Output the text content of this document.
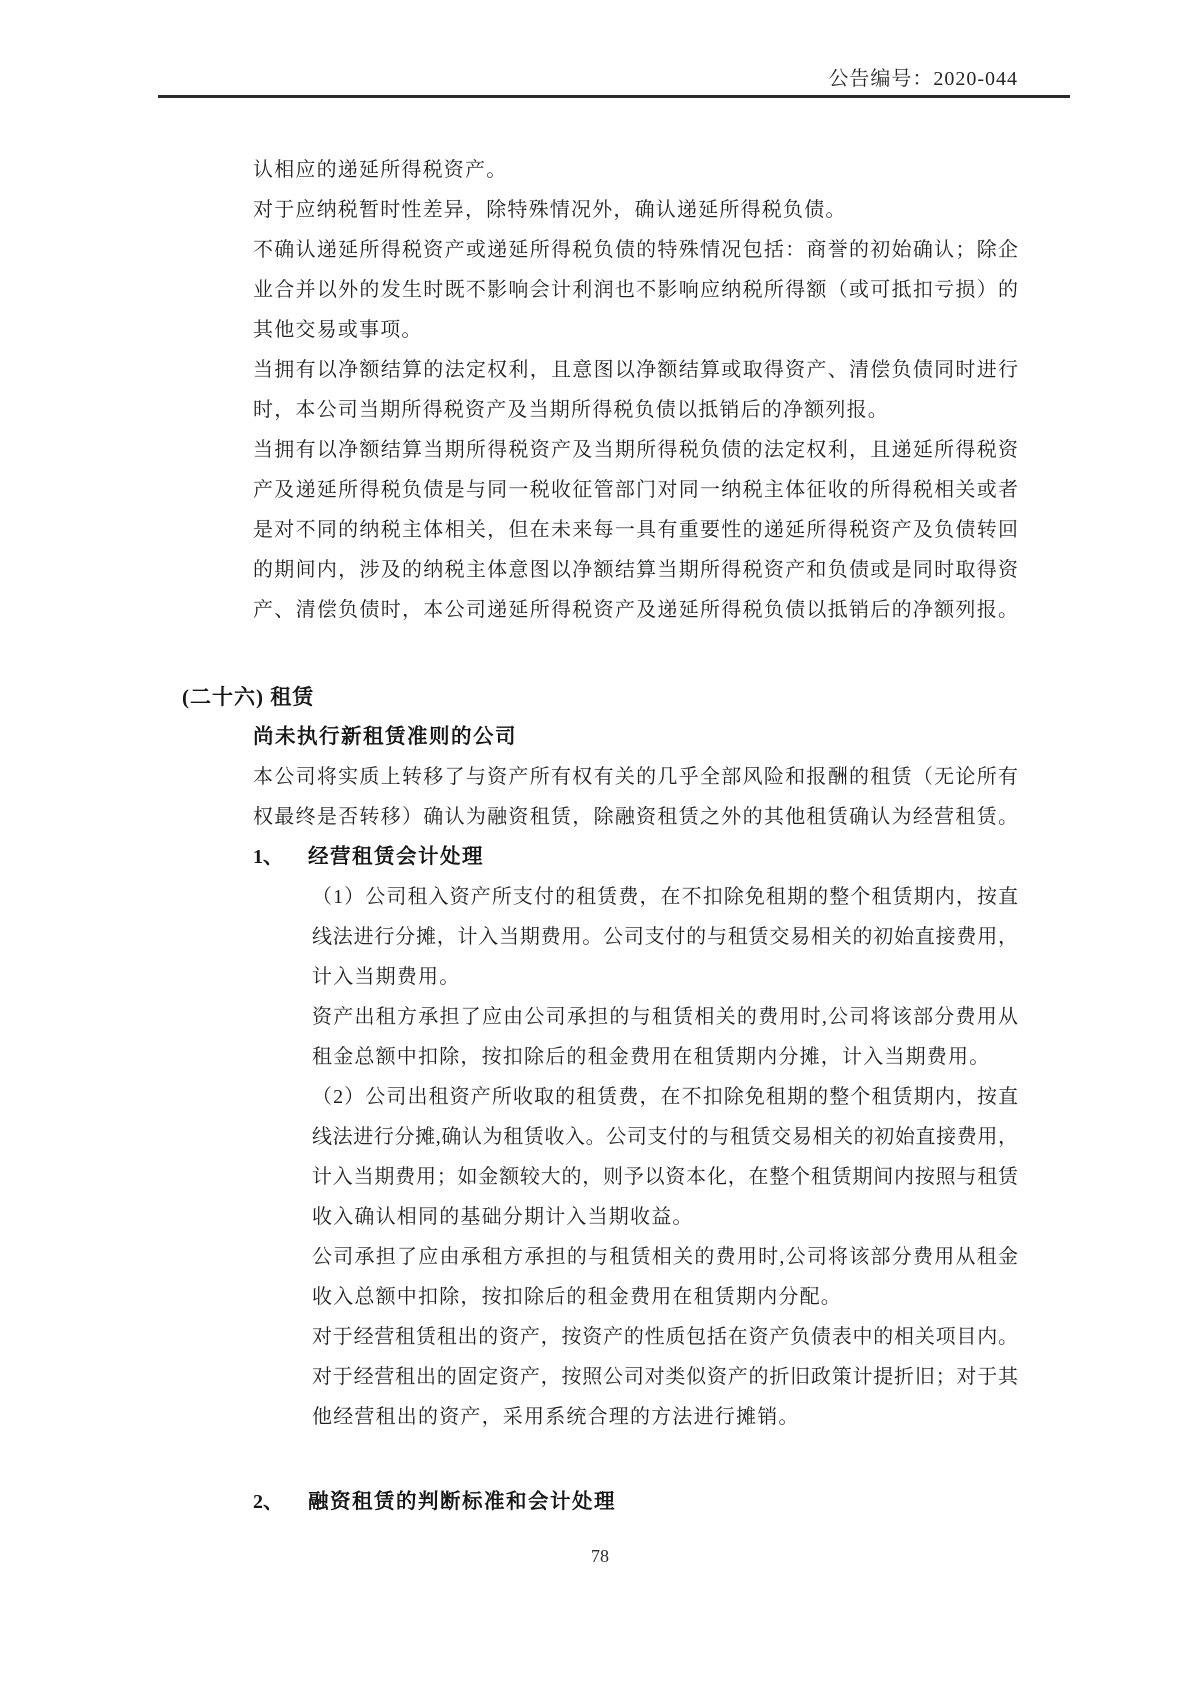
公告编号：2020-044
认相应的递延所得税资产。
对于应纳税暂时性差异，除特殊情况外，确认递延所得税负债。
不确认递延所得税资产或递延所得税负债的特殊情况包括：商誉的初始确认；除企
业合并以外的发生时既不影响会计利润也不影响应纳税所得额（或可抵扣亏损）的
其他交易或事项。
当拥有以净额结算的法定权利，且意图以净额结算或取得资产、清偿负债同时进行
时，本公司当期所得税资产及当期所得税负债以抵销后的净额列报。
当拥有以净额结算当期所得税资产及当期所得税负债的法定权利，且递延所得税资
产及递延所得税负债是与同一税收征管部门对同一纳税主体征收的所得税相关或者
是对不同的纳税主体相关，但在未来每一具有重要性的递延所得税资产及负债转回
的期间内，涉及的纳税主体意图以净额结算当期所得税资产和负债或是同时取得资
产、清偿负债时，本公司递延所得税资产及递延所得税负债以抵销后的净额列报。
(二十六) 租赁
尚未执行新租赁准则的公司
本公司将实质上转移了与资产所有权有关的几乎全部风险和报酬的租赁（无论所有
权最终是否转移）确认为融资租赁，除融资租赁之外的其他租赁确认为经营租赁。
1、 经营租赁会计处理
（1）公司租入资产所支付的租赁费，在不扣除免租期的整个租赁期内，按直
线法进行分摊，计入当期费用。公司支付的与租赁交易相关的初始直接费用，
计入当期费用。
资产出租方承担了应由公司承担的与租赁相关的费用时,公司将该部分费用从
租金总额中扣除，按扣除后的租金费用在租赁期内分摊，计入当期费用。
（2）公司出租资产所收取的租赁费，在不扣除免租期的整个租赁期内，按直
线法进行分摊,确认为租赁收入。公司支付的与租赁交易相关的初始直接费用，
计入当期费用；如金额较大的，则予以资本化，在整个租赁期间内按照与租赁
收入确认相同的基础分期计入当期收益。
公司承担了应由承租方承担的与租赁相关的费用时,公司将该部分费用从租金
收入总额中扣除，按扣除后的租金费用在租赁期内分配。
对于经营租赁租出的资产，按资产的性质包括在资产负债表中的相关项目内。
对于经营租出的固定资产，按照公司对类似资产的折旧政策计提折旧；对于其
他经营租出的资产，采用系统合理的方法进行摊销。
2、 融资租赁的判断标准和会计处理
78
